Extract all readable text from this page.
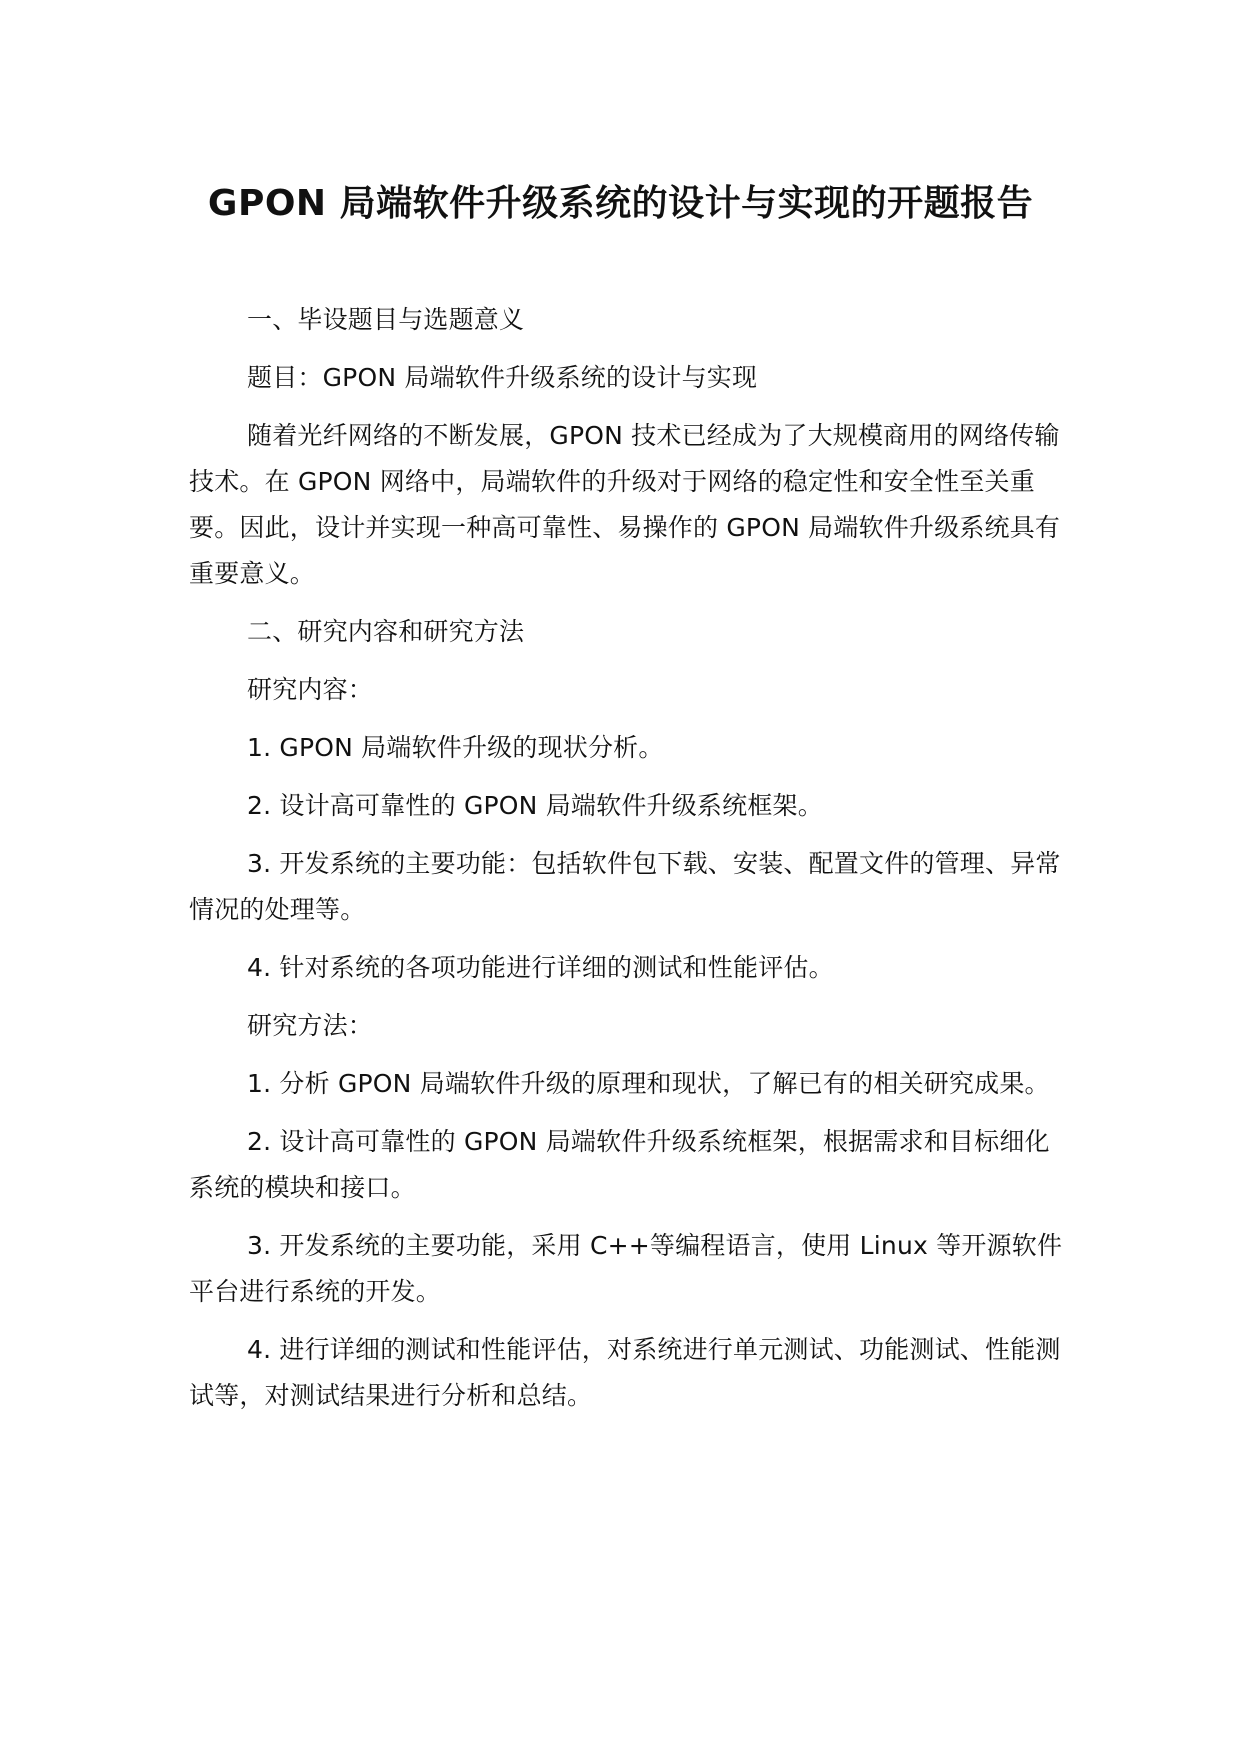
GPON 局端软件升级系统的设计与实现的开题报告

一、毕设题目与选题意义

题目：GPON 局端软件升级系统的设计与实现

随着光纤网络的不断发展，GPON 技术已经成为了大规模商用的网络传输技术。在 GPON 网络中，局端软件的升级对于网络的稳定性和安全性至关重要。因此，设计并实现一种高可靠性、易操作的 GPON 局端软件升级系统具有重要意义。

二、研究内容和研究方法

研究内容：

1. GPON 局端软件升级的现状分析。

2. 设计高可靠性的 GPON 局端软件升级系统框架。

3. 开发系统的主要功能：包括软件包下载、安装、配置文件的管理、异常情况的处理等。

4. 针对系统的各项功能进行详细的测试和性能评估。

研究方法：

1. 分析 GPON 局端软件升级的原理和现状，了解已有的相关研究成果。

2. 设计高可靠性的 GPON 局端软件升级系统框架，根据需求和目标细化系统的模块和接口。

3. 开发系统的主要功能，采用 C++等编程语言，使用 Linux 等开源软件平台进行系统的开发。

4. 进行详细的测试和性能评估，对系统进行单元测试、功能测试、性能测试等，对测试结果进行分析和总结。
